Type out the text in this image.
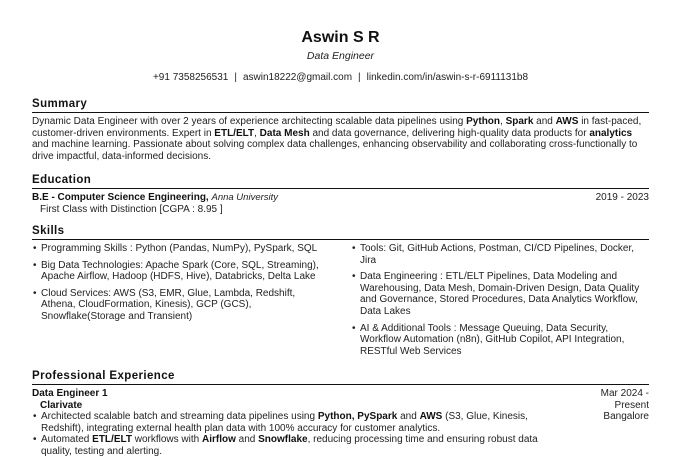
Aswin S R
Data Engineer
+91 7358256531 | aswin18222@gmail.com | linkedin.com/in/aswin-s-r-6911131b8
Summary

Dynamic Data Engineer with over 2 years of experience architecting scalable data pipelines using Python, Spark and AWS in fast-paced, customer-driven environments. Expert in ETL/ELT, Data Mesh and data governance, delivering high-quality data products for analytics and machine learning. Passionate about solving complex data challenges, enhancing observability and collaborating cross-functionally to drive impactful, data-informed decisions.

Education
B.E - Computer Science Engineering, Anna University	2019 - 2023
First Class with Distinction [CGPA : 8.95 ]
Skills
• Programming Skills : Python (Pandas, NumPy), PySpark, SQL
• Big Data Technologies: Apache Spark (Core, SQL, Streaming), Apache Airflow, Hadoop (HDFS, Hive), Databricks, Delta Lake
• Cloud Services: AWS (S3, EMR, Glue, Lambda, Redshift, Athena, CloudFormation, Kinesis), GCP (GCS), Snowflake(Storage and Transient)
• Tools: Git, GitHub Actions, Postman, CI/CD Pipelines, Docker, Jira
• Data Engineering : ETL/ELT Pipelines, Data Modeling and Warehousing, Data Mesh, Domain-Driven Design, Data Quality and Governance, Stored Procedures, Data Analytics Workflow, Data Lakes
• AI & Additional Tools : Message Queuing, Data Security, Workflow Automation (n8n), GitHub Copilot, API Integration, RESTful Web Services
Professional Experience
Data Engineer 1
Clarivate
• Architected scalable batch and streaming data pipelines using Python, PySpark and AWS (S3, Glue, Kinesis, Redshift), integrating external health plan data with 100% accuracy for customer analytics.
• Automated ETL/ELT workflows with Airflow and Snowflake, reducing processing time and ensuring robust data quality, testing and alerting.
Mar 2024 -
Present
Bangalore
